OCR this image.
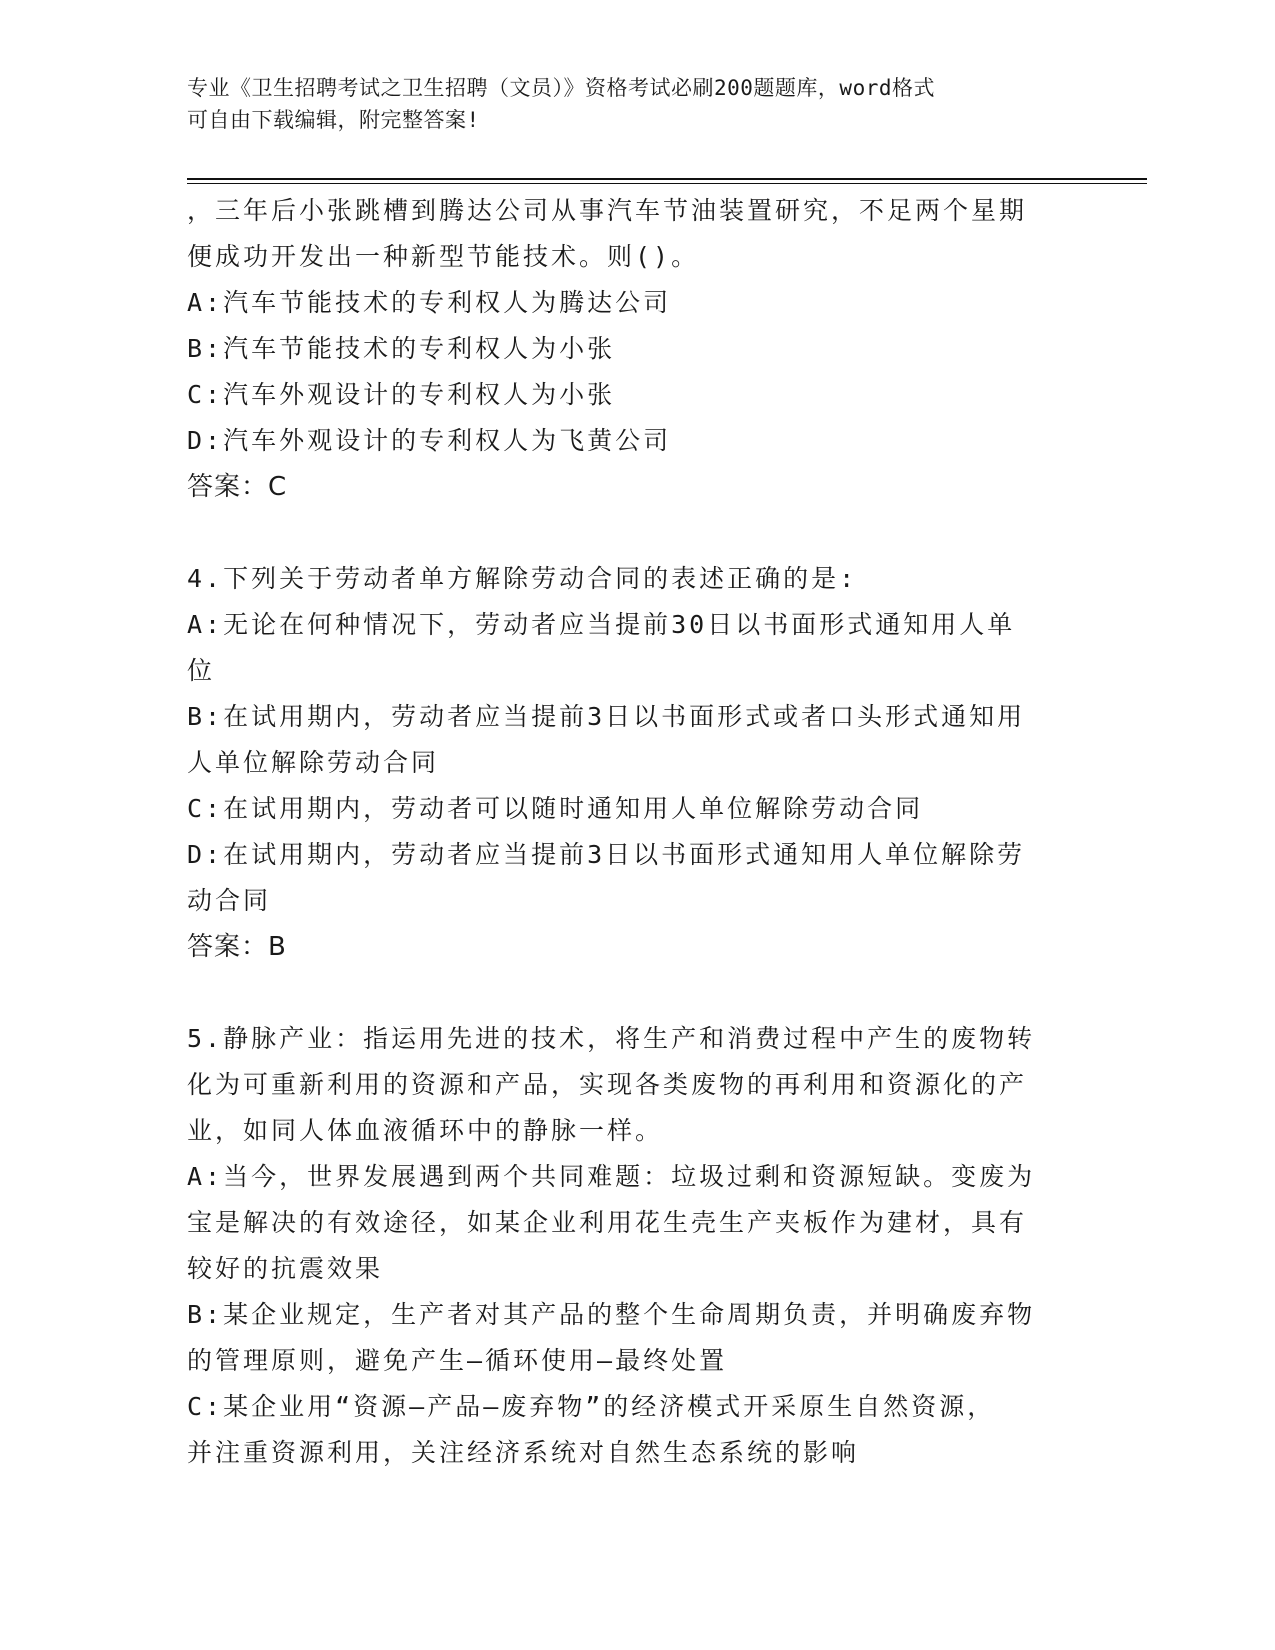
专业《卫生招聘考试之卫生招聘（文员）》资格考试必刷200题题库，word格式
可自由下载编辑，附完整答案!
，三年后小张跳槽到腾达公司从事汽车节油装置研究，不足两个星期
便成功开发出一种新型节能技术。则()。
A:汽车节能技术的专利权人为腾达公司
B:汽车节能技术的专利权人为小张
C:汽车外观设计的专利权人为小张
D:汽车外观设计的专利权人为飞黄公司
答案：C
4.下列关于劳动者单方解除劳动合同的表述正确的是:
A:无论在何种情况下，劳动者应当提前30日以书面形式通知用人单
位
B:在试用期内，劳动者应当提前3日以书面形式或者口头形式通知用
人单位解除劳动合同
C:在试用期内，劳动者可以随时通知用人单位解除劳动合同
D:在试用期内，劳动者应当提前3日以书面形式通知用人单位解除劳
动合同
答案：B
5.静脉产业：指运用先进的技术，将生产和消费过程中产生的废物转
化为可重新利用的资源和产品，实现各类废物的再利用和资源化的产
业，如同人体血液循环中的静脉一样。
A:当今，世界发展遇到两个共同难题：垃圾过剩和资源短缺。变废为
宝是解决的有效途径，如某企业利用花生壳生产夹板作为建材，具有
较好的抗震效果
B:某企业规定，生产者对其产品的整个生命周期负责，并明确废弃物
的管理原则，避免产生—循环使用—最终处置
C:某企业用“资源—产品—废弃物”的经济模式开采原生自然资源，
并注重资源利用，关注经济系统对自然生态系统的影响
